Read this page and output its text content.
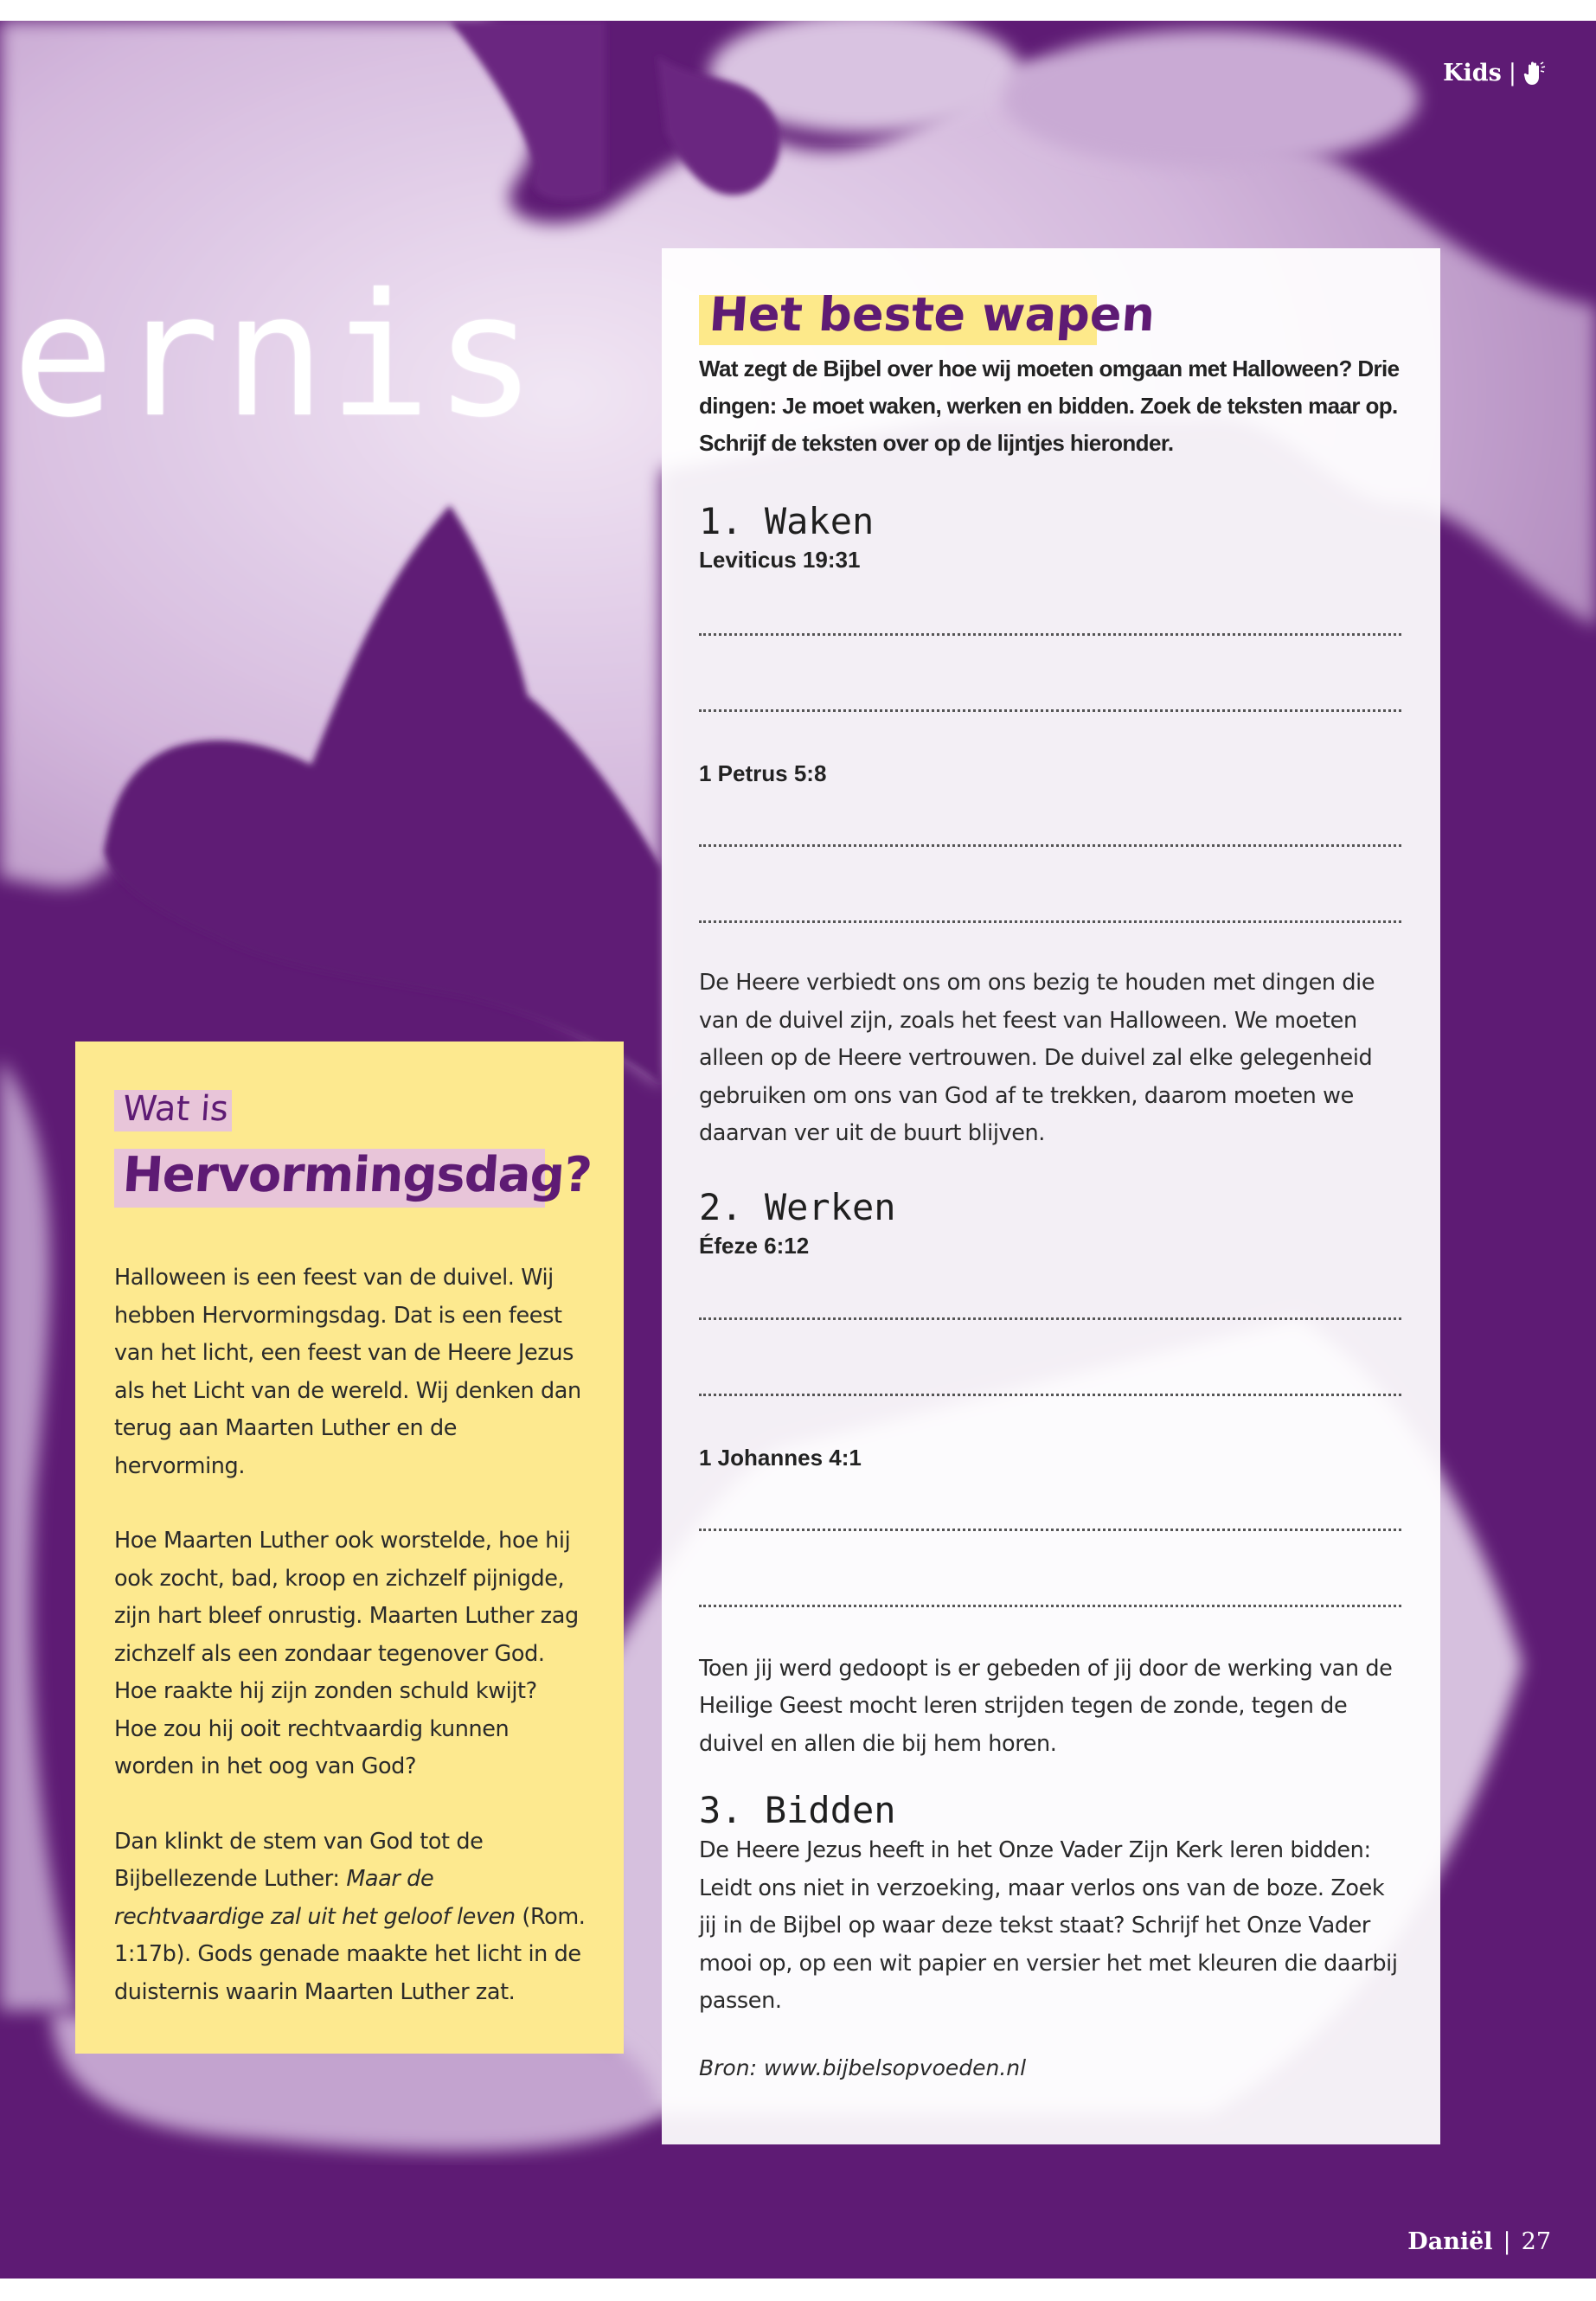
Kids |
ernis	Het beste wapen

Wat zegt de Bijbel over hoe wij moeten omgaan met Halloween? Drie dingen: Je moet waken, werken en bidden. Zoek de teksten maar op. Schrijf de teksten over op de lijntjes hieronder.

1. Waken
Leviticus 19:31
1 Petrus 5:8

De Heere verbiedt ons om ons bezig te houden met dingen die van de duivel zijn, zoals het feest van Halloween. We moeten alleen op de Heere vertrouwen. De duivel zal elke gelegenheid gebruiken om ons van God af te trekken, daarom moeten we daarvan ver uit de buurt blijven.

2. Werken
Éfeze 6:12
1 Johannes 4:1

Toen jij werd gedoopt is er gebeden of jij door de werking van de Heilige Geest mocht leren strijden tegen de zonde, tegen de duivel en allen die bij hem horen.

3. Bidden

De Heere Jezus heeft in het Onze Vader Zijn Kerk leren bidden: Leidt ons niet in verzoeking, maar verlos ons van de boze. Zoek jij in de Bijbel op waar deze tekst staat? Schrijf het Onze Vader mooi op, op een wit papier en versier het met kleuren die daarbij passen.

Bron: www.bijbelsopvoeden.nl

Wat is
Hervormingsdag?

Halloween is een feest van de duivel. Wij hebben Hervormingsdag. Dat is een feest van het licht, een feest van de Heere Jezus als het Licht van de wereld. Wij denken dan terug aan Maarten Luther en de hervorming.

Hoe Maarten Luther ook worstelde, hoe hij ook zocht, bad, kroop en zichzelf pijnigde, zijn hart bleef onrustig. Maarten Luther zag zichzelf als een zondaar tegenover God. Hoe raakte hij zijn zonden schuld kwijt? Hoe zou hij ooit rechtvaardig kunnen worden in het oog van God?

Dan klinkt de stem van God tot de Bijbellezende Luther: Maar de rechtvaardige zal uit het geloof leven (Rom. 1:17b). Gods genade maakte het licht in de duisternis waarin Maarten Luther zat.

Daniël | 27
